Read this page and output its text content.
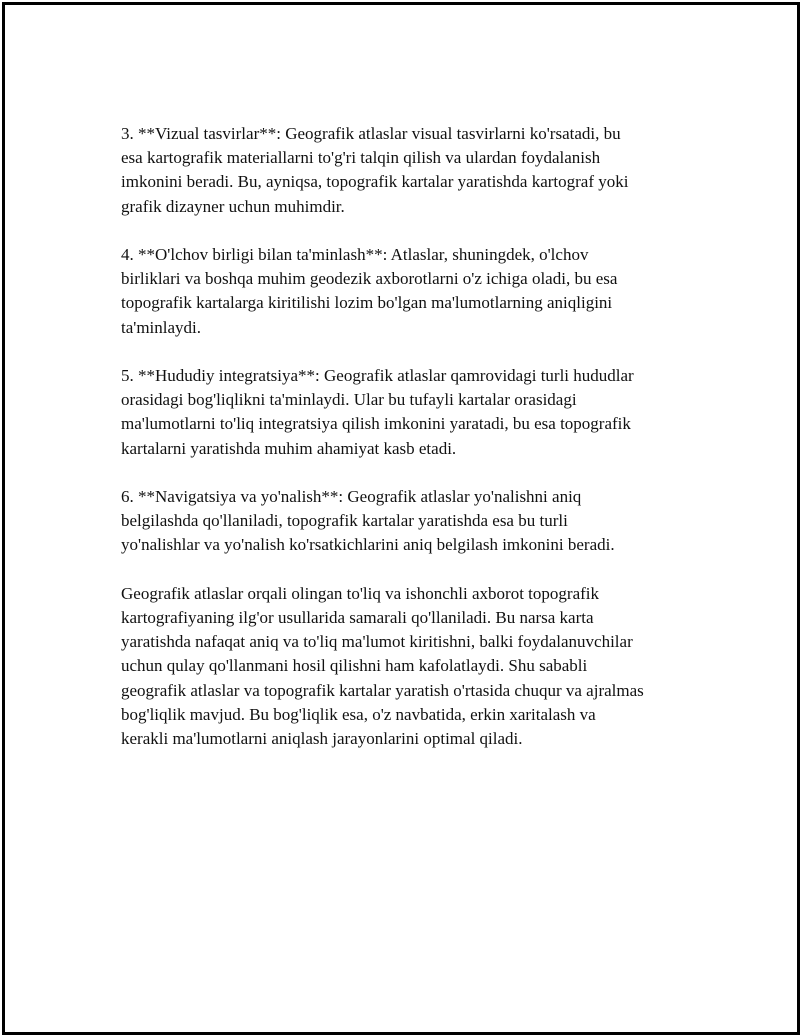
3. **Vizual tasvirlar**: Geografik atlaslar visual tasvirlarni ko'rsatadi, bu
esa kartografik materiallarni to'g'ri talqin qilish va ulardan foydalanish
imkonini beradi. Bu, ayniqsa, topografik kartalar yaratishda kartograf yoki
grafik dizayner uchun muhimdir.

4. **O'lchov birligi bilan ta'minlash**: Atlaslar, shuningdek, o'lchov
birliklari va boshqa muhim geodezik axborotlarni o'z ichiga oladi, bu esa
topografik kartalarga kiritilishi lozim bo'lgan ma'lumotlarning aniqligini
ta'minlaydi.

5. **Hududiy integratsiya**: Geografik atlaslar qamrovidagi turli hududlar
orasidagi bog'liqlikni ta'minlaydi. Ular bu tufayli kartalar orasidagi
ma'lumotlarni to'liq integratsiya qilish imkonini yaratadi, bu esa topografik
kartalarni yaratishda muhim ahamiyat kasb etadi.

6. **Navigatsiya va yo'nalish**: Geografik atlaslar yo'nalishni aniq
belgilashda qo'llaniladi, topografik kartalar yaratishda esa bu turli
yo'nalishlar va yo'nalish ko'rsatkichlarini aniq belgilash imkonini beradi.

Geografik atlaslar orqali olingan to'liq va ishonchli axborot topografik
kartografiyaning ilg'or usullarida samarali qo'llaniladi. Bu narsa karta
yaratishda nafaqat aniq va to'liq ma'lumot kiritishni, balki foydalanuvchilar
uchun qulay qo'llanmani hosil qilishni ham kafolatlaydi. Shu sababli
geografik atlaslar va topografik kartalar yaratish o'rtasida chuqur va ajralmas
bog'liqlik mavjud. Bu bog'liqlik esa, o'z navbatida, erkin xaritalash va
kerakli ma'lumotlarni aniqlash jarayonlarini optimal qiladi.
